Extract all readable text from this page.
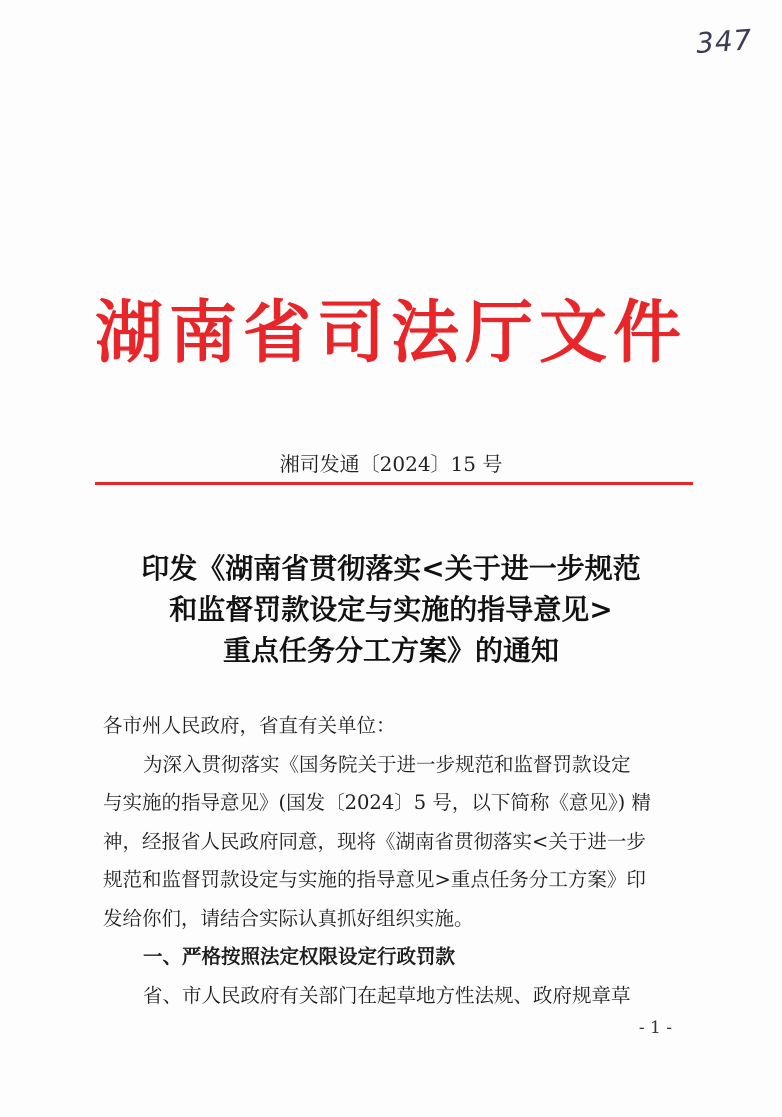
347
湖南省司法厅文件
湘司发通〔2024〕15 号
印发《湖南省贯彻落实<关于进一步规范
和监督罚款设定与实施的指导意见>
重点任务分工方案》的通知

各市州人民政府，省直有关单位：

为深入贯彻落实《国务院关于进一步规范和监督罚款设定

与实施的指导意见》(国发〔2024〕5 号，以下简称《意见》) 精

神，经报省人民政府同意，现将《湖南省贯彻落实<关于进一步

规范和监督罚款设定与实施的指导意见>重点任务分工方案》印

发给你们，请结合实际认真抓好组织实施。

一、严格按照法定权限设定行政罚款

省、市人民政府有关部门在起草地方性法规、政府规章草

- 1 -
